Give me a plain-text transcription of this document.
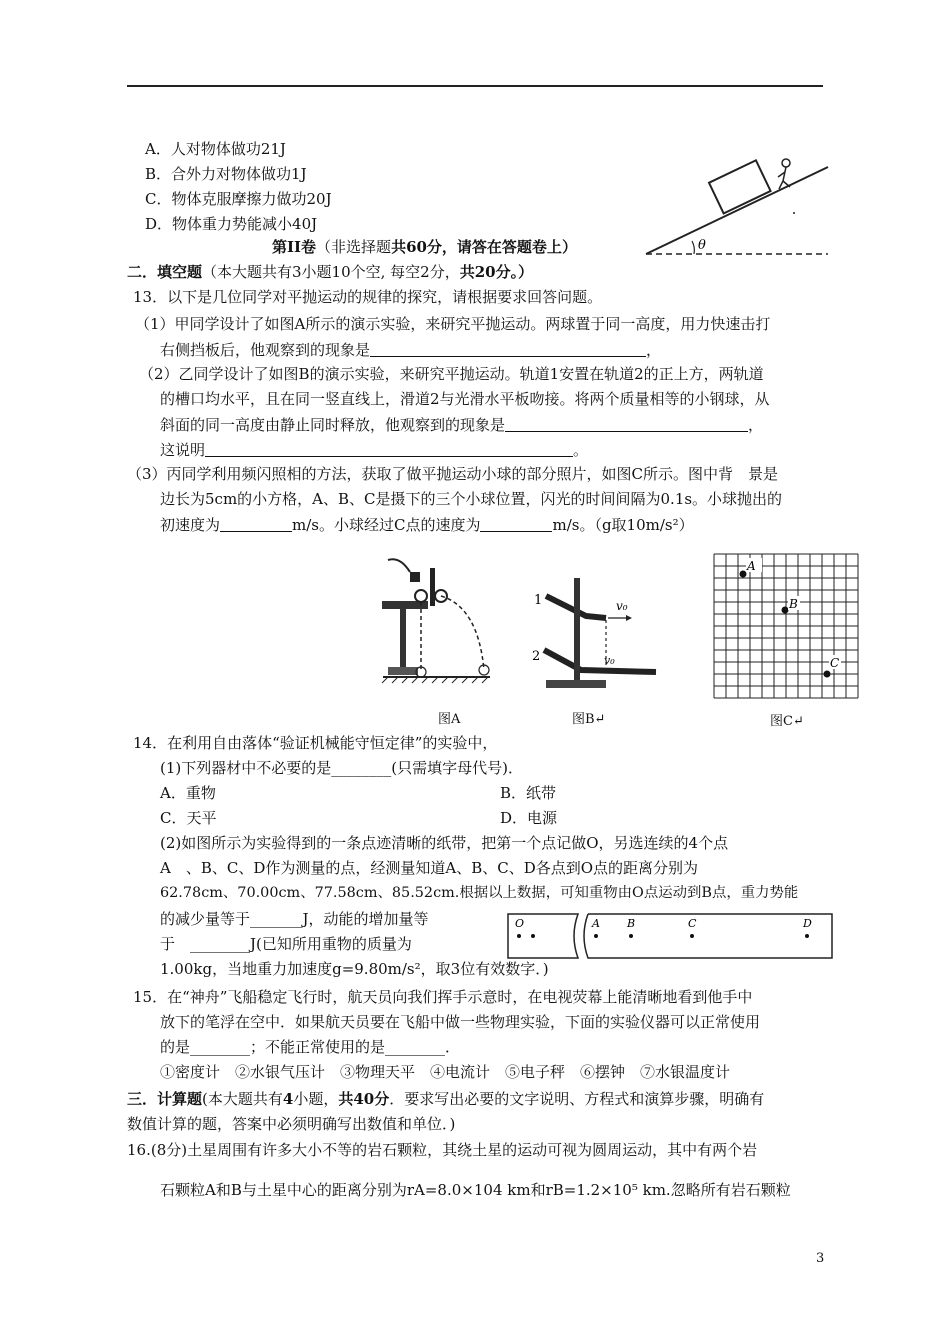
A．人对物体做功21J
B．合外力对物体做功1J
C．物体克服摩擦力做功20J
D．物体重力势能减小40J
θ
第II卷（非选择题共60分，请答在答题卷上）
二．填空题（本大题共有3小题10个空, 每空2分，共20分。）
13．以下是几位同学对平抛运动的规律的探究，请根据要求回答问题。
（1）甲同学设计了如图A所示的演示实验，来研究平抛运动。两球置于同一高度，用力快速击打
右侧挡板后，他观察到的现象是	，
（2）乙同学设计了如图B的演示实验，来研究平抛运动。轨道1安置在轨道2的正上方，两轨道
的槽口均水平，且在同一竖直线上，滑道2与光滑水平板吻接。将两个质量相等的小钢球，从
斜面的同一高度由静止同时释放，他观察到的现象是	，
这说明	。
（3）丙同学利用频闪照相的方法，获取了做平抛运动小球的部分照片，如图C所示。图中背　景是
边长为5cm的小方格，A、B、C是摄下的三个小球位置，闪光的时间间隔为0.1s。小球抛出的
初速度为	m/s。小球经过C点的速度为	m/s。（g取10m/s²）
图A
1
2
v₀
v₀
图B↵
A
B
C
图C↵
14．在利用自由落体“验证机械能守恒定律”的实验中，
(1)下列器材中不必要的是________(只需填字母代号)．
A．重物	B．纸带
C．天平	D．电源
(2)如图所示为实验得到的一条点迹清晰的纸带，把第一个点记做O，另选连续的4个点
A　、B、C、D作为测量的点，经测量知道A、B、C、D各点到O点的距离分别为
62.78cm、70.00cm、77.58cm、85.52cm.根据以上数据，可知重物由O点运动到B点，重力势能
的减少量等于_______J，动能的增加量等
于　________J(已知所用重物的质量为
1.00kg，当地重力加速度g=9.80m/s²，取3位有效数字．)
O	A B	C	D
15．在“神舟”飞船稳定飞行时，航天员向我们挥手示意时，在电视荧幕上能清晰地看到他手中
放下的笔浮在空中．如果航天员要在飞船中做一些物理实验，下面的实验仪器可以正常使用
的是________；不能正常使用的是________．
①密度计　②水银气压计　③物理天平　④电流计　⑤电子秤　⑥摆钟　⑦水银温度计
三．计算题(本大题共有4小题，共40分．要求写出必要的文字说明、方程式和演算步骤，明确有
数值计算的题，答案中必须明确写出数值和单位．)
16.(8分)土星周围有许多大小不等的岩石颗粒，其绕土星的运动可视为圆周运动，其中有两个岩
石颗粒A和B与土星中心的距离分别为rA=8.0×104 km和rB=1.2×10⁵ km.忽略所有岩石颗粒
3
